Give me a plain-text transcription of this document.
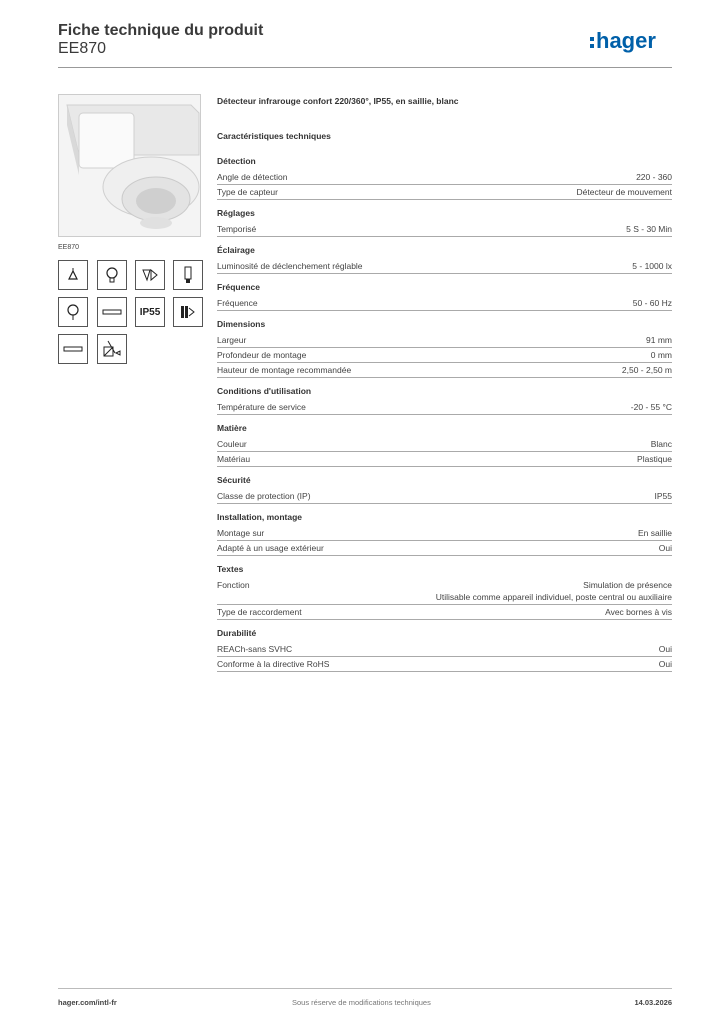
Fiche technique du produit
EE870	hager
EE870
IP55
Détecteur infrarouge confort 220/360°, IP55, en saillie, blanc
Caractéristiques techniques
Détection
Angle de détection	220 - 360
Type de capteur	Détecteur de mouvement
Réglages
Temporisé	5 S - 30 Min
Éclairage
Luminosité de déclenchement réglable	5 - 1000 lx
Fréquence
Fréquence	50 - 60 Hz
Dimensions
Largeur	91 mm
Profondeur de montage	0 mm
Hauteur de montage recommandée	2,50 - 2,50 m
Conditions d'utilisation
Température de service	-20 - 55 °C
Matière
Couleur	Blanc
Matériau	Plastique
Sécurité
Classe de protection (IP)	IP55
Installation, montage
Montage sur	En saillie
Adapté à un usage extérieur	Oui
Textes
Fonction	Simulation de présence
Utilisable comme appareil individuel, poste central ou auxiliaire
Type de raccordement	Avec bornes à vis
Durabilité
REACh-sans SVHC	Oui
Conforme à la directive RoHS	Oui
hager.com/intl-fr	Sous réserve de modifications techniques	14.03.2026
